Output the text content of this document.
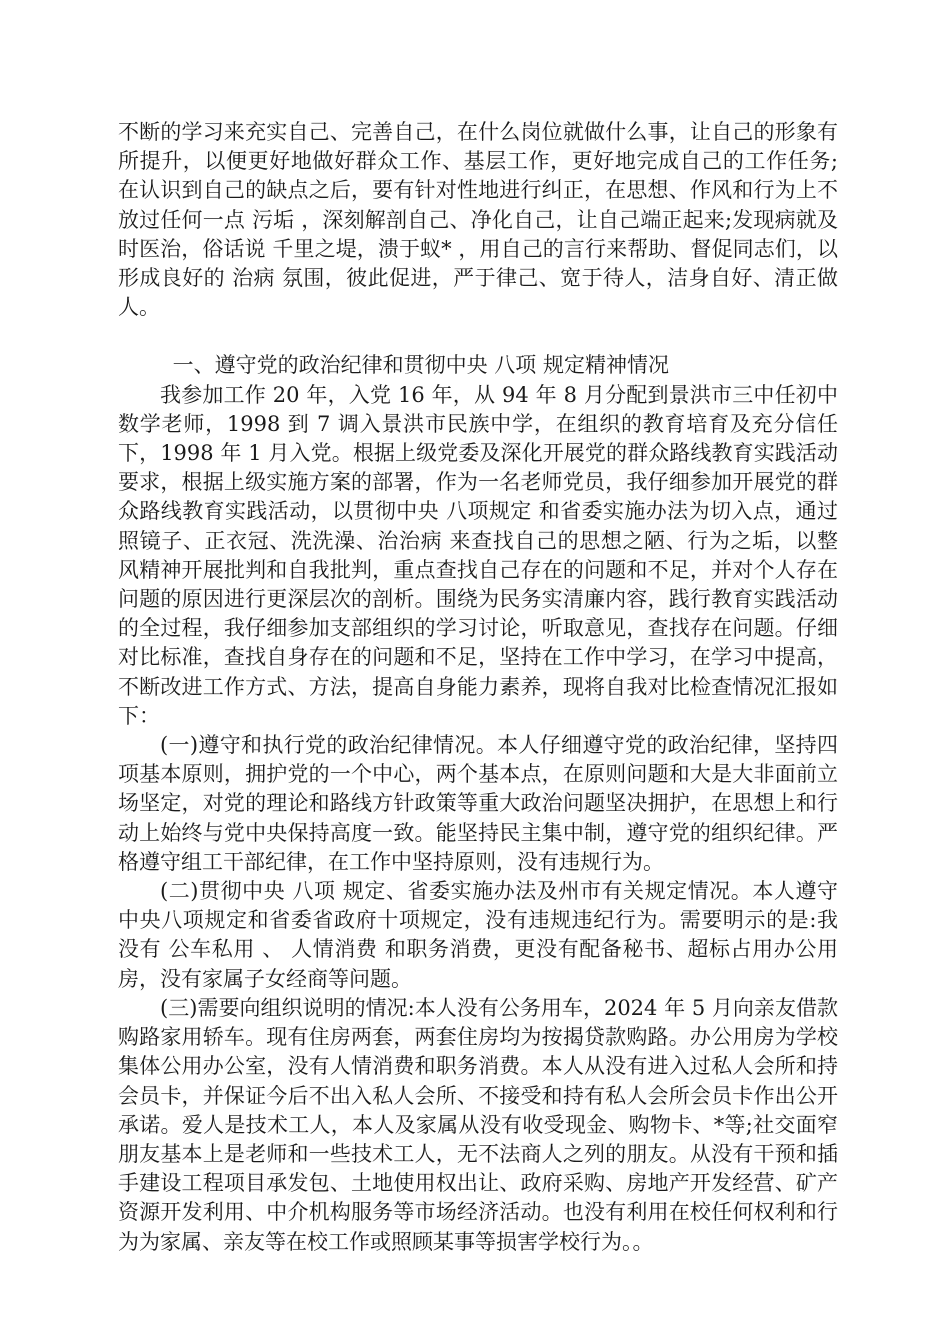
不断的学习来充实自己、完善自己，在什么岗位就做什么事，让自己的形象有所提升，以便更好地做好群众工作、基层工作，更好地完成自己的工作任务;在认识到自己的缺点之后，要有针对性地进行纠正，在思想、作风和行为上不放过任何一点 污垢 ，深刻解剖自己、净化自己，让自己端正起来;发现病就及时医治，俗话说 千里之堤，溃于蚁* ，用自己的言行来帮助、督促同志们，以形成良好的 治病 氛围，彼此促进，严于律己、宽于待人，洁身自好、清正做人。

一、遵守党的政治纪律和贯彻中央 八项 规定精神情况

我参加工作 20 年，入党 16 年，从 94 年 8 月分配到景洪市三中任初中数学老师，1998 到 7 调入景洪市民族中学，在组织的教育培育及充分信任下，1998 年 1 月入党。根据上级党委及深化开展党的群众路线教育实践活动要求，根据上级实施方案的部署，作为一名老师党员，我仔细参加开展党的群众路线教育实践活动，以贯彻中央 八项规定 和省委实施办法为切入点，通过 照镜子、正衣冠、洗洗澡、治治病 来查找自己的思想之陋、行为之垢，以整风精神开展批判和自我批判，重点查找自己存在的问题和不足，并对个人存在问题的原因进行更深层次的剖析。围绕为民务实清廉内容，践行教育实践活动的全过程，我仔细参加支部组织的学习讨论，听取意见，查找存在问题。仔细对比标准，查找自身存在的问题和不足，坚持在工作中学习，在学习中提高，不断改进工作方式、方法，提高自身能力素养，现将自我对比检查情况汇报如下：

(一)遵守和执行党的政治纪律情况。本人仔细遵守党的政治纪律，坚持四项基本原则，拥护党的一个中心，两个基本点，在原则问题和大是大非面前立场坚定，对党的理论和路线方针政策等重大政治问题坚决拥护，在思想上和行动上始终与党中央保持高度一致。能坚持民主集中制，遵守党的组织纪律。严格遵守组工干部纪律，在工作中坚持原则，没有违规行为。

(二)贯彻中央 八项 规定、省委实施办法及州市有关规定情况。本人遵守中央八项规定和省委省政府十项规定，没有违规违纪行为。需要明示的是:我没有 公车私用 、 人情消费 和职务消费，更没有配备秘书、超标占用办公用房，没有家属子女经商等问题。

(三)需要向组织说明的情况:本人没有公务用车，2024 年 5 月向亲友借款购路家用轿车。现有住房两套，两套住房均为按揭贷款购路。办公用房为学校集体公用办公室，没有人情消费和职务消费。本人从没有进入过私人会所和持会员卡，并保证今后不出入私人会所、不接受和持有私人会所会员卡作出公开承诺。爱人是技术工人，本人及家属从没有收受现金、购物卡、*等;社交面窄朋友基本上是老师和一些技术工人，无不法商人之列的朋友。从没有干预和插手建设工程项目承发包、土地使用权出让、政府采购、房地产开发经营、矿产资源开发利用、中介机构服务等市场经济活动。也没有利用在校任何权利和行为为家属、亲友等在校工作或照顾某事等损害学校行为。。
